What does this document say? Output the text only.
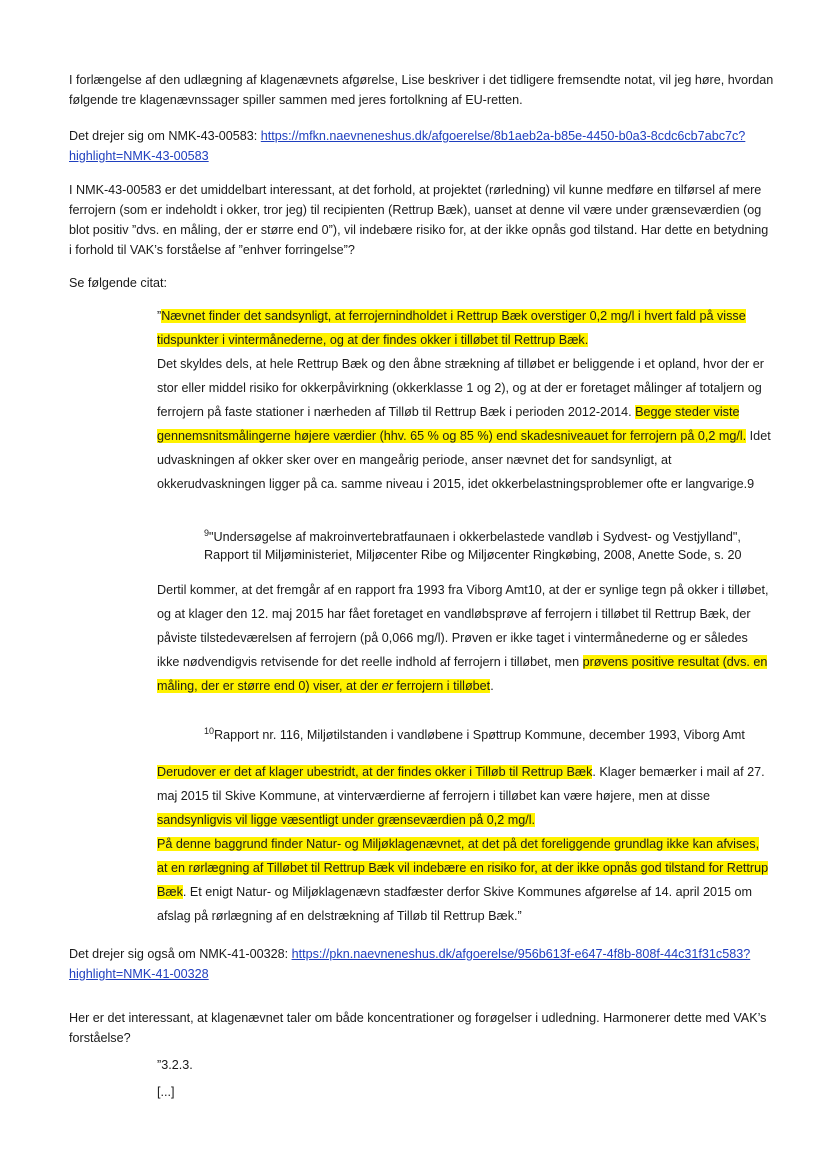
I forlængelse af den udlægning af klagenævnets afgørelse, Lise beskriver i det tidligere fremsendte notat, vil jeg høre, hvordan følgende tre klagenævnssager spiller sammen med jeres fortolkning af EU-retten.

Det drejer sig om NMK-43-00583: https://mfkn.naevneneshus.dk/afgoerelse/8b1aeb2a-b85e-4450-b0a3-8cdc6cb7abc7c?highlight=NMK-43-00583

I NMK-43-00583 er det umiddelbart interessant, at det forhold, at projektet (rørledning) vil kunne medføre en tilførsel af mere ferrojern (som er indeholdt i okker, tror jeg) til recipienten (Rettrup Bæk), uanset at denne vil være under grænseværdien (og blot positiv ”dvs. en måling, der er større end 0”), vil indebære risiko for, at der ikke opnås god tilstand. Har dette en betydning i forhold til VAK’s forståelse af ”enhver forringelse”?

Se følgende citat:

”Nævnet finder det sandsynligt, at ferrojernindholdet i Rettrup Bæk overstiger 0,2 mg/l i hvert fald på visse tidspunkter i vintermånederne, og at der findes okker i tilløbet til Rettrup Bæk.
Det skyldes dels, at hele Rettrup Bæk og den åbne strækning af tilløbet er beliggende i et opland, hvor der er stor eller middel risiko for okkerpåvirkning (okkerklasse 1 og 2), og at der er foretaget målinger af totaljern og ferrojern på faste stationer i nærheden af Tilløb til Rettrup Bæk i perioden 2012-2014. Begge steder viste gennemsnitsmålingerne højere værdier (hhv. 65 % og 85 %) end skadesniveauet for ferrojern på 0,2 mg/l. Idet udvaskningen af okker sker over en mangeårig periode, anser nævnet det for sandsynligt, at okkerudvaskningen ligger på ca. samme niveau i 2015, idet okkerbelastningsproblemer ofte er langvarige.9

$^9$"Undersøgelse af makroinvertebratfaunaen i okkerbelastede vandløb i Sydvest- og Vestjylland", Rapport til Miljøministeriet, Miljøcenter Ribe og Miljøcenter Ringkøbing, 2008, Anette Sode, s. 20

Dertil kommer, at det fremgår af en rapport fra 1993 fra Viborg Amt10, at der er synlige tegn på okker i tilløbet, og at klager den 12. maj 2015 har fået foretaget en vandløbsprøve af ferrojern i tilløbet til Rettrup Bæk, der påviste tilstedeværelsen af ferrojern (på 0,066 mg/l). Prøven er ikke taget i vintermånederne og er således ikke nødvendigvis retvisende for det reelle indhold af ferrojern i tilløbet, men prøvens positive resultat (dvs. en måling, der er større end 0) viser, at der er ferrojern i tilløbet.

$^{10}$Rapport nr. 116, Miljøtilstanden i vandløbene i Spøttrup Kommune, december 1993, Viborg Amt

Derudover er det af klager ubestridt, at der findes okker i Tilløb til Rettrup Bæk. Klager bemærker i mail af 27. maj 2015 til Skive Kommune, at vinterværdierne af ferrojern i tilløbet kan være højere, men at disse sandsynligvis vil ligge væsentligt under grænseværdien på 0,2 mg/l.
På denne baggrund finder Natur- og Miljøklagenævnet, at det på det foreliggende grundlag ikke kan afvises, at en rørlægning af Tilløbet til Rettrup Bæk vil indebære en risiko for, at der ikke opnås god tilstand for Rettrup Bæk. Et enigt Natur- og Miljøklagenævn stadfæster derfor Skive Kommunes afgørelse af 14. april 2015 om afslag på rørlægning af en delstrækning af Tilløb til Rettrup Bæk.”

Det drejer sig også om NMK-41-00328: https://pkn.naevneneshus.dk/afgoerelse/956b613f-e647-4f8b-808f-44c31f31c583?highlight=NMK-41-00328

Her er det interessant, at klagenævnet taler om både koncentrationer og forøgelser i udledning. Harmonerer dette med VAK’s forståelse?

”3.2.3.

[...]
